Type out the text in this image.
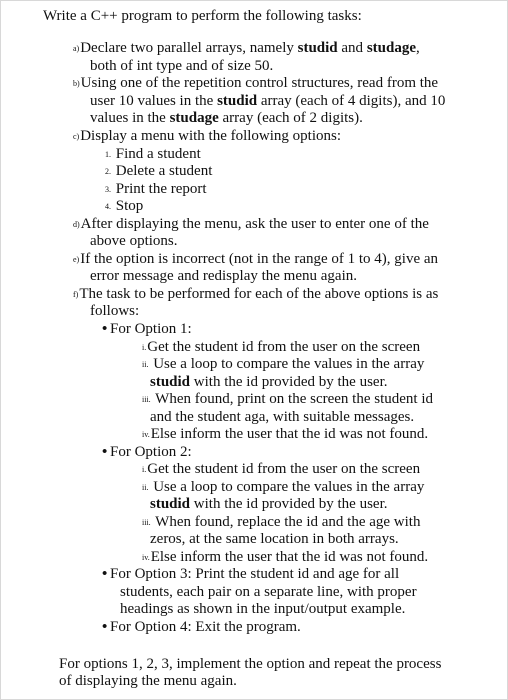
Write a C++ program to perform the following tasks:
a)Declare two parallel arrays, namely studid and studage,
both of int type and of size 50.
b)Using one of the repetition control structures, read from the
user 10 values in the studid array (each of 4 digits), and 10
values in the studage array (each of 2 digits).
c)Display a menu with the following options:
1. Find a student
2. Delete a student
3. Print the report
4. Stop
d)After displaying the menu, ask the user to enter one of the
above options.
e)If the option is incorrect (not in the range of 1 to 4), give an
error message and redisplay the menu again.
f)The task to be performed for each of the above options is as
follows:
• For Option 1:
i.Get the student id from the user on the screen
ii. Use a loop to compare the values in the array
studid with the id provided by the user.
iii. When found, print on the screen the student id
and the student aga, with suitable messages.
iv.Else inform the user that the id was not found.
• For Option 2:
i.Get the student id from the user on the screen
ii. Use a loop to compare the values in the array
studid with the id provided by the user.
iii. When found, replace the id and the age with
zeros, at the same location in both arrays.
iv.Else inform the user that the id was not found.
• For Option 3: Print the student id and age for all
students, each pair on a separate line, with proper
headings as shown in the input/output example.
• For Option 4: Exit the program.
For options 1, 2, 3, implement the option and repeat the process
of displaying the menu again.
